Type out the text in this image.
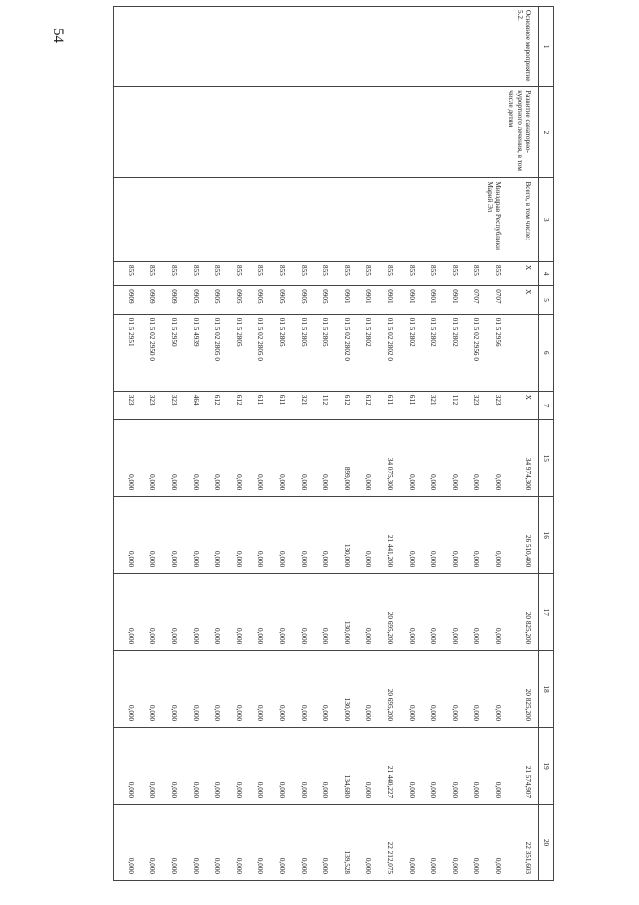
54
1	2	3	4	5	6	7	15	16	17	18	19	20
Основное мероприятие 5.2.	Развитие санаторно-курортного лечения, в том числе детям	Всего, в том числе:	Х	Х		Х	34 974,300	26 510,400	20 825,200	20 825,200	21 574,907	22 351,603
		Минздрав Республики Марий Эл	855	0707	01 5 2956	323	0,000	0,000	0,000	0,000	0,000	0,000
			855	0707	01 5 02 2956 0	323	0,000	0,000	0,000	0,000	0,000	0,000
			855	0901	01 5 2802	112	0,000	0,000	0,000	0,000	0,000	0,000
			855	0901	01 5 2802	321	0,000	0,000	0,000	0,000	0,000	0,000
			855	0901	01 5 2802	611	0,000	0,000	0,000	0,000	0,000	0,000
			855	0901	01 5 02 2802 0	611	34 075,300	21 441,200	20 695,200	20 695,200	21 440,227	22 212,075
			855	0901	01 5 2802	612	0,000	0,000	0,000	0,000	0,000	0,000
			855	0901	01 5 02 2802 0	612	899,000	130,000	130,000	130,000	134,680	139,528
			855	0905	01 5 2805	112	0,000	0,000	0,000	0,000	0,000	0,000
			855	0905	01 5 2805	321	0,000	0,000	0,000	0,000	0,000	0,000
			855	0905	01 5 2805	611	0,000	0,000	0,000	0,000	0,000	0,000
			855	0905	01 5 02 2805 0	611	0,000	0,000	0,000	0,000	0,000	0,000
			855	0905	01 5 2805	612	0,000	0,000	0,000	0,000	0,000	0,000
			855	0905	01 5 02 2805 0	612	0,000	0,000	0,000	0,000	0,000	0,000
			855	0905	01 5 4939	464	0,000	0,000	0,000	0,000	0,000	0,000
			855	0909	01 5 2950	323	0,000	0,000	0,000	0,000	0,000	0,000
			855	0909	01 5 02 2950 0	323	0,000	0,000	0,000	0,000	0,000	0,000
			855	0909	01 5 2951	323	0,000	0,000	0,000	0,000	0,000	0,000
